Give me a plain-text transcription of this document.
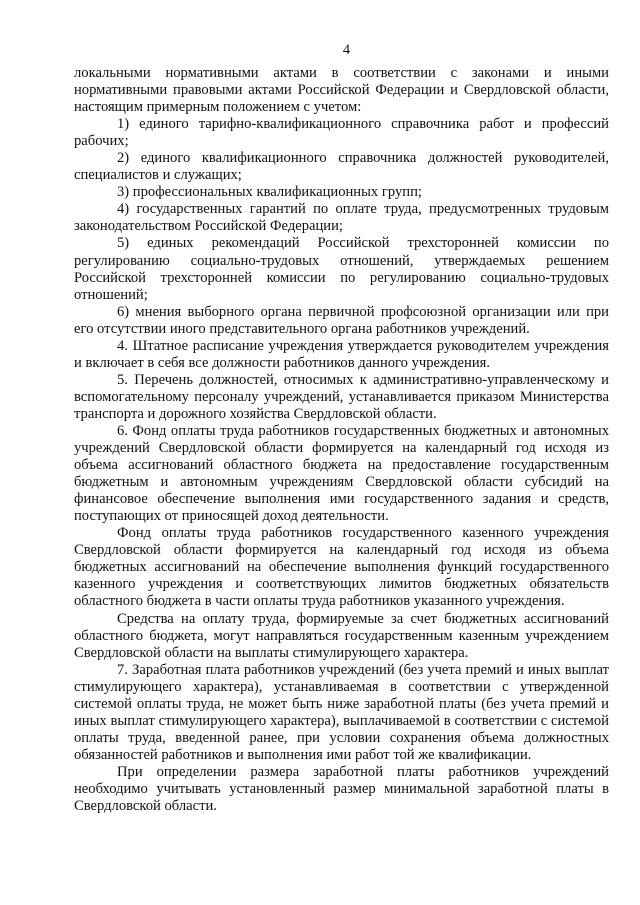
4

локальными нормативными актами в соответствии с законами и иными нормативными правовыми актами Российской Федерации и Свердловской области, настоящим примерным положением с учетом:

1) единого тарифно-квалификационного справочника работ и профессий рабочих;

2) единого квалификационного справочника должностей руководителей, специалистов и служащих;

3) профессиональных квалификационных групп;

4) государственных гарантий по оплате труда, предусмотренных трудовым законодательством Российской Федерации;

5) единых рекомендаций Российской трехсторонней комиссии по регулированию социально-трудовых отношений, утверждаемых решением Российской трехсторонней комиссии по регулированию социально-трудовых отношений;

6) мнения выборного органа первичной профсоюзной организации или при его отсутствии иного представительного органа работников учреждений.

4. Штатное расписание учреждения утверждается руководителем учреждения и включает в себя все должности работников данного учреждения.

5. Перечень должностей, относимых к административно-управленческому и вспомогательному персоналу учреждений, устанавливается приказом Министерства транспорта и дорожного хозяйства Свердловской области.

6. Фонд оплаты труда работников государственных бюджетных и автономных учреждений Свердловской области формируется на календарный год исходя из объема ассигнований областного бюджета на предоставление государственным бюджетным и автономным учреждениям Свердловской области субсидий на финансовое обеспечение выполнения ими государственного задания и средств, поступающих от приносящей доход деятельности.

Фонд оплаты труда работников государственного казенного учреждения Свердловской области формируется на календарный год исходя из объема бюджетных ассигнований на обеспечение выполнения функций государственного казенного учреждения и соответствующих лимитов бюджетных обязательств областного бюджета в части оплаты труда работников указанного учреждения.

Средства на оплату труда, формируемые за счет бюджетных ассигнований областного бюджета, могут направляться государственным казенным учреждением Свердловской области на выплаты стимулирующего характера.

7. Заработная плата работников учреждений (без учета премий и иных выплат стимулирующего характера), устанавливаемая в соответствии с утвержденной системой оплаты труда, не может быть ниже заработной платы (без учета премий и иных выплат стимулирующего характера), выплачиваемой в соответствии с системой оплаты труда, введенной ранее, при условии сохранения объема должностных обязанностей работников и выполнения ими работ той же квалификации.

При определении размера заработной платы работников учреждений необходимо учитывать установленный размер минимальной заработной платы в Свердловской области.
